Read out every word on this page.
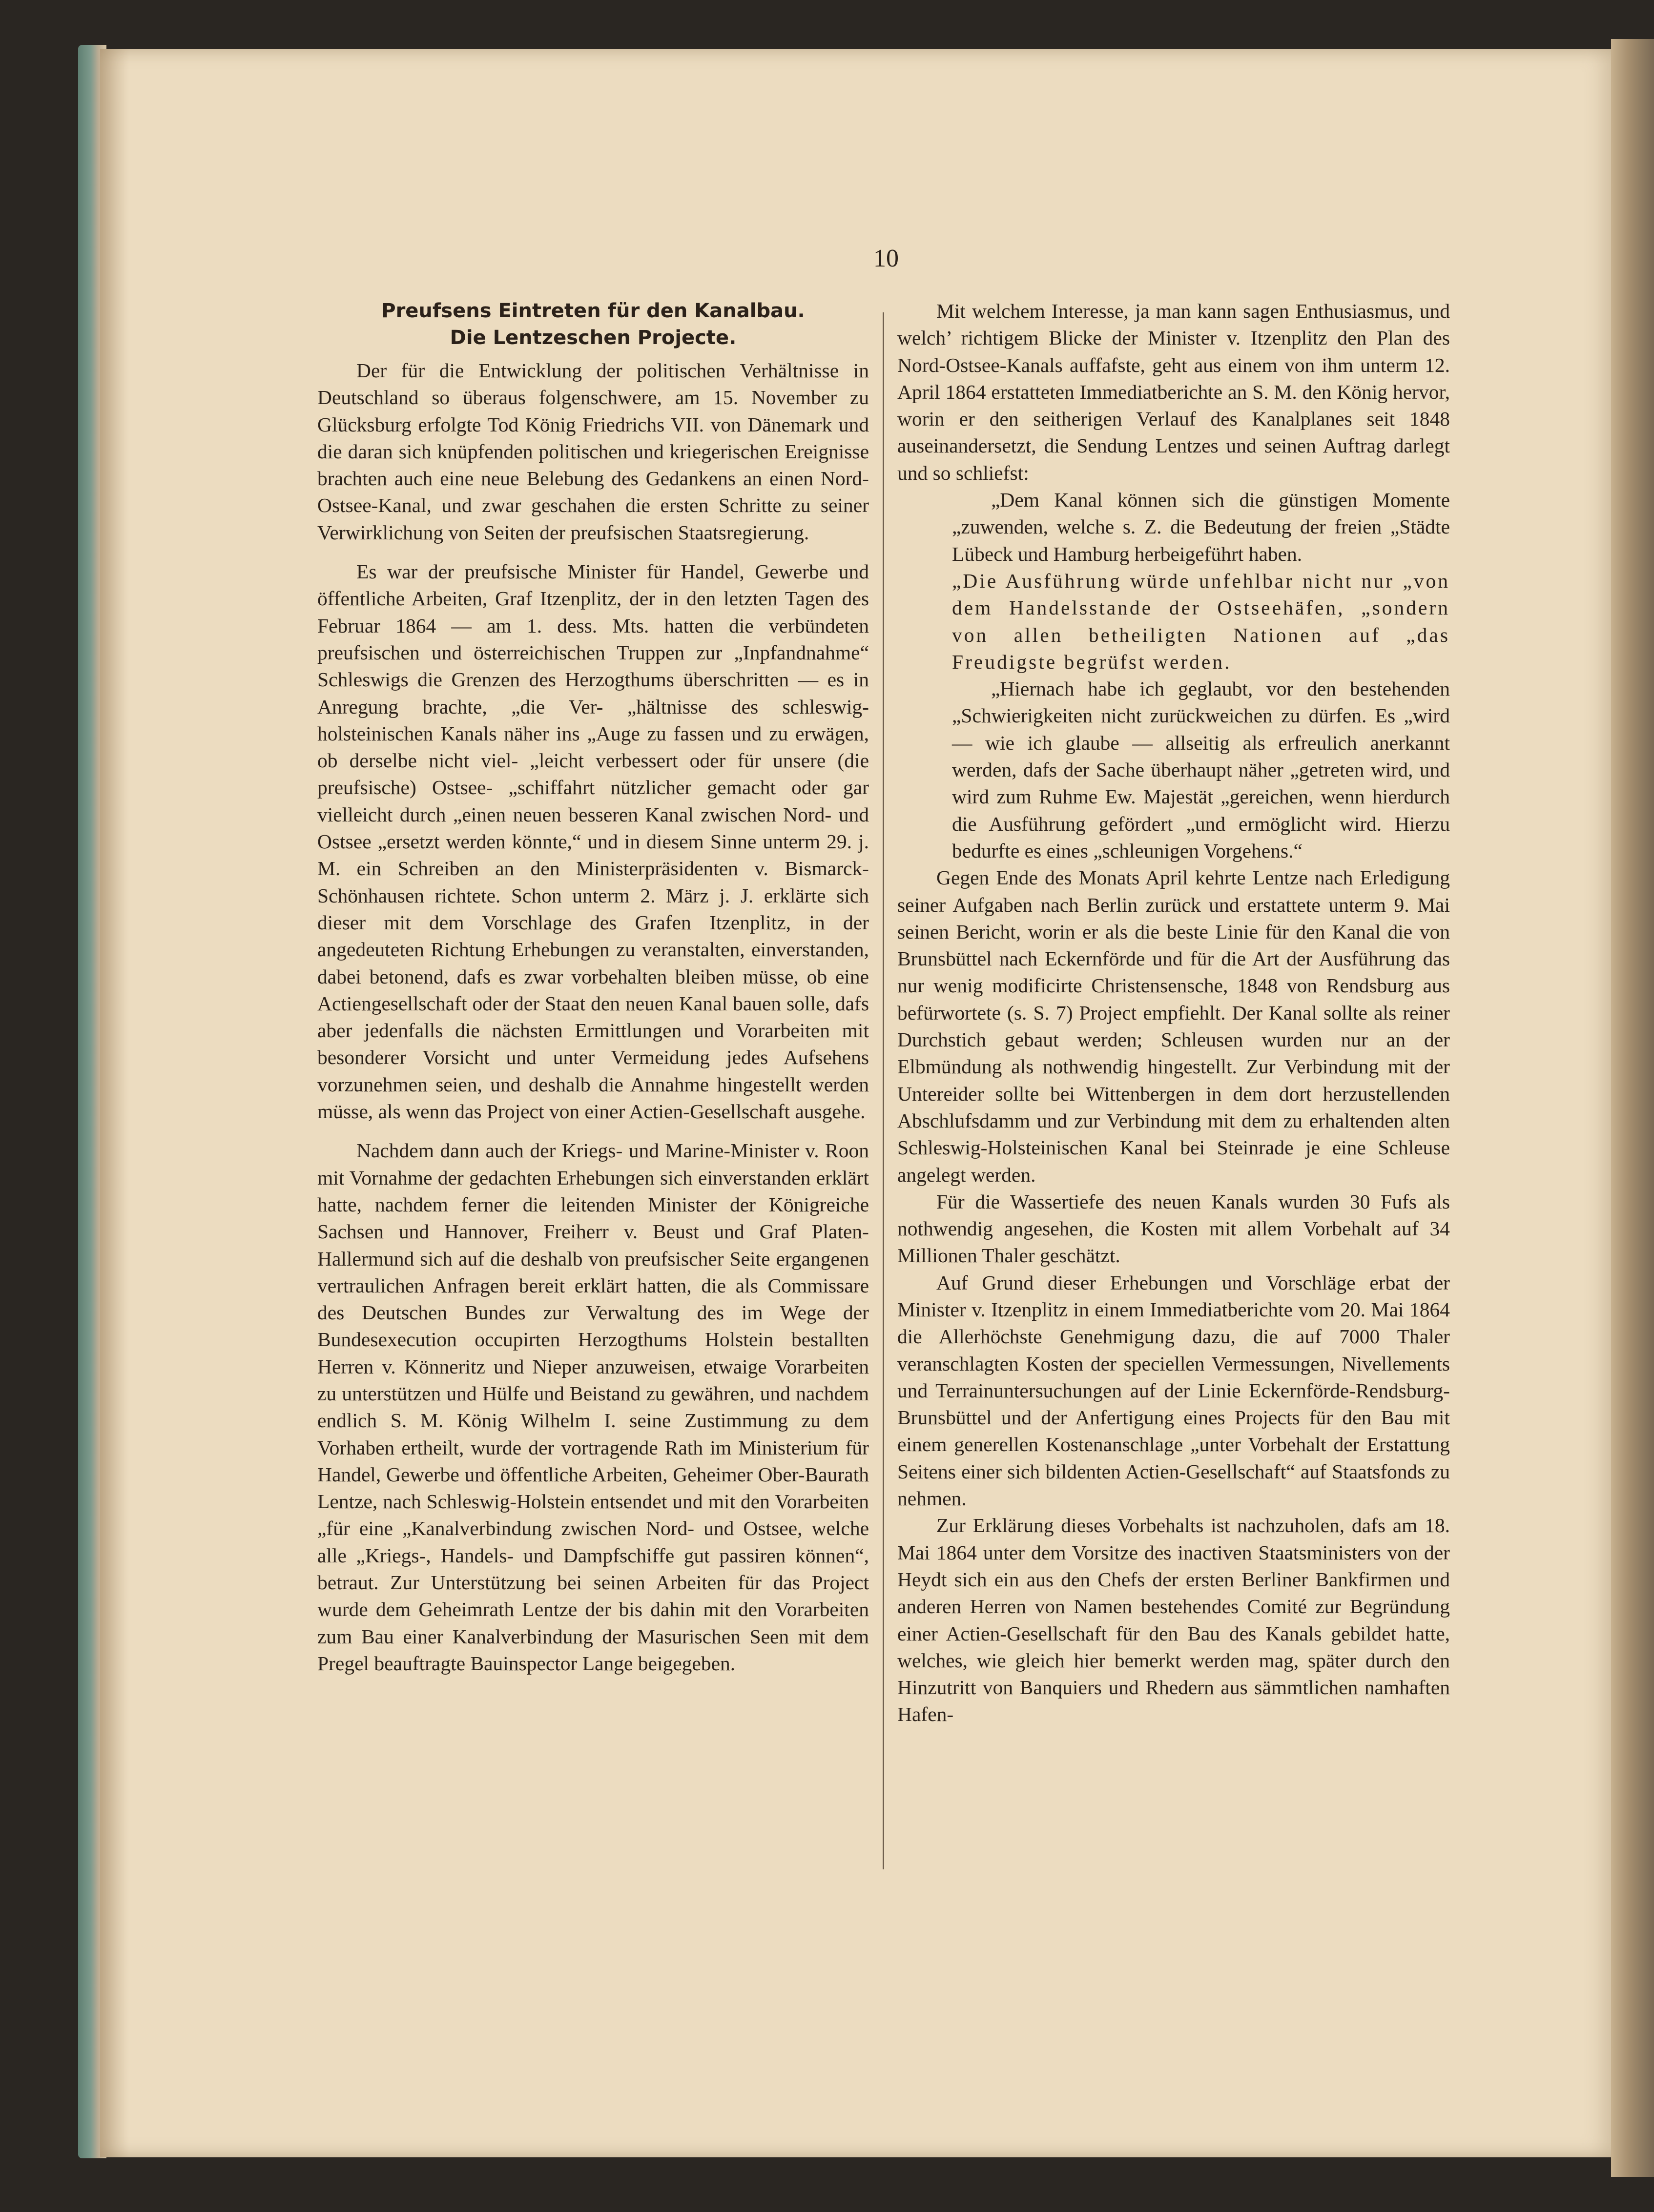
10

Preufsens Eintreten für den Kanalbau.

Die Lentzeschen Projecte.

Der für die Entwicklung der politischen Verhältnisse in Deutschland so überaus folgenschwere, am 15. November zu Glücksburg erfolgte Tod König Friedrichs VII. von Dänemark und die daran sich knüpfenden politischen und kriegerischen Ereignisse brachten auch eine neue Belebung des Gedankens an einen Nord-Ostsee-Kanal, und zwar geschahen die ersten Schritte zu seiner Verwirklichung von Seiten der preufsischen Staatsregierung.

Es war der preufsische Minister für Handel, Gewerbe und öffentliche Arbeiten, Graf Itzenplitz, der in den letzten Tagen des Februar 1864 — am 1. dess. Mts. hatten die verbündeten preufsischen und österreichischen Truppen zur „Inpfandnahme“ Schleswigs die Grenzen des Herzogthums überschritten — es in Anregung brachte, „die Ver- „hältnisse des schleswig-holsteinischen Kanals näher ins „Auge zu fassen und zu erwägen, ob derselbe nicht viel- „leicht verbessert oder für unsere (die preufsische) Ostsee- „schiffahrt nützlicher gemacht oder gar vielleicht durch „einen neuen besseren Kanal zwischen Nord- und Ostsee „ersetzt werden könnte,“ und in diesem Sinne unterm 29. j. M. ein Schreiben an den Ministerpräsidenten v. Bismarck-Schönhausen richtete. Schon unterm 2. März j. J. erklärte sich dieser mit dem Vorschlage des Grafen Itzenplitz, in der angedeuteten Richtung Erhebungen zu veranstalten, einverstanden, dabei betonend, dafs es zwar vorbehalten bleiben müsse, ob eine Actiengesellschaft oder der Staat den neuen Kanal bauen solle, dafs aber jedenfalls die nächsten Ermittlungen und Vorarbeiten mit besonderer Vorsicht und unter Vermeidung jedes Aufsehens vorzunehmen seien, und deshalb die Annahme hingestellt werden müsse, als wenn das Project von einer Actien-Gesellschaft ausgehe.

Nachdem dann auch der Kriegs- und Marine-Minister v. Roon mit Vornahme der gedachten Erhebungen sich einverstanden erklärt hatte, nachdem ferner die leitenden Minister der Königreiche Sachsen und Hannover, Freiherr v. Beust und Graf Platen-Hallermund sich auf die deshalb von preufsischer Seite ergangenen vertraulichen Anfragen bereit erklärt hatten, die als Commissare des Deutschen Bundes zur Verwaltung des im Wege der Bundesexecution occupirten Herzogthums Holstein bestallten Herren v. Könneritz und Nieper anzuweisen, etwaige Vorarbeiten zu unterstützen und Hülfe und Beistand zu gewähren, und nachdem endlich S. M. König Wilhelm I. seine Zustimmung zu dem Vorhaben ertheilt, wurde der vortragende Rath im Ministerium für Handel, Gewerbe und öffentliche Arbeiten, Geheimer Ober-Baurath Lentze, nach Schleswig-Holstein entsendet und mit den Vorarbeiten „für eine „Kanalverbindung zwischen Nord- und Ostsee, welche alle „Kriegs-, Handels- und Dampfschiffe gut passiren können“, betraut. Zur Unterstützung bei seinen Arbeiten für das Project wurde dem Geheimrath Lentze der bis dahin mit den Vorarbeiten zum Bau einer Kanalverbindung der Masurischen Seen mit dem Pregel beauftragte Bauinspector Lange beigegeben.

Mit welchem Interesse, ja man kann sagen Enthusiasmus, und welch’ richtigem Blicke der Minister v. Itzenplitz den Plan des Nord-Ostsee-Kanals auffafste, geht aus einem von ihm unterm 12. April 1864 erstatteten Immediatberichte an S. M. den König hervor, worin er den seitherigen Verlauf des Kanalplanes seit 1848 auseinandersetzt, die Sendung Lentzes und seinen Auftrag darlegt und so schliefst:

„Dem Kanal können sich die günstigen Momente „zuwenden, welche s. Z. die Bedeutung der freien „Städte Lübeck und Hamburg herbeigeführt haben.

„Die Ausführung würde unfehlbar nicht nur „von dem Handelsstande der Ostseehäfen, „sondern von allen betheiligten Nationen auf „das Freudigste begrüfst werden.

„Hiernach habe ich geglaubt, vor den bestehenden „Schwierigkeiten nicht zurückweichen zu dürfen. Es „wird — wie ich glaube — allseitig als erfreulich anerkannt werden, dafs der Sache überhaupt näher „getreten wird, und wird zum Ruhme Ew. Majestät „gereichen, wenn hierdurch die Ausführung gefördert „und ermöglicht wird. Hierzu bedurfte es eines „schleunigen Vorgehens.“

Gegen Ende des Monats April kehrte Lentze nach Erledigung seiner Aufgaben nach Berlin zurück und erstattete unterm 9. Mai seinen Bericht, worin er als die beste Linie für den Kanal die von Brunsbüttel nach Eckernförde und für die Art der Ausführung das nur wenig modificirte Christensensche, 1848 von Rendsburg aus befürwortete (s. S. 7) Project empfiehlt. Der Kanal sollte als reiner Durchstich gebaut werden; Schleusen wurden nur an der Elbmündung als nothwendig hingestellt. Zur Verbindung mit der Untereider sollte bei Wittenbergen in dem dort herzustellenden Abschlufsdamm und zur Verbindung mit dem zu erhaltenden alten Schleswig-Holsteinischen Kanal bei Steinrade je eine Schleuse angelegt werden.

Für die Wassertiefe des neuen Kanals wurden 30 Fufs als nothwendig angesehen, die Kosten mit allem Vorbehalt auf 34 Millionen Thaler geschätzt.

Auf Grund dieser Erhebungen und Vorschläge erbat der Minister v. Itzenplitz in einem Immediatberichte vom 20. Mai 1864 die Allerhöchste Genehmigung dazu, die auf 7000 Thaler veranschlagten Kosten der speciellen Vermessungen, Nivellements und Terrainuntersuchungen auf der Linie Eckernförde-Rendsburg-Brunsbüttel und der Anfertigung eines Projects für den Bau mit einem generellen Kostenanschlage „unter Vorbehalt der Erstattung Seitens einer sich bildenten Actien-Gesellschaft“ auf Staatsfonds zu nehmen.

Zur Erklärung dieses Vorbehalts ist nachzuholen, dafs am 18. Mai 1864 unter dem Vorsitze des inactiven Staatsministers von der Heydt sich ein aus den Chefs der ersten Berliner Bankfirmen und anderen Herren von Namen bestehendes Comité zur Begründung einer Actien-Gesellschaft für den Bau des Kanals gebildet hatte, welches, wie gleich hier bemerkt werden mag, später durch den Hinzutritt von Banquiers und Rhedern aus sämmtlichen namhaften Hafen-
